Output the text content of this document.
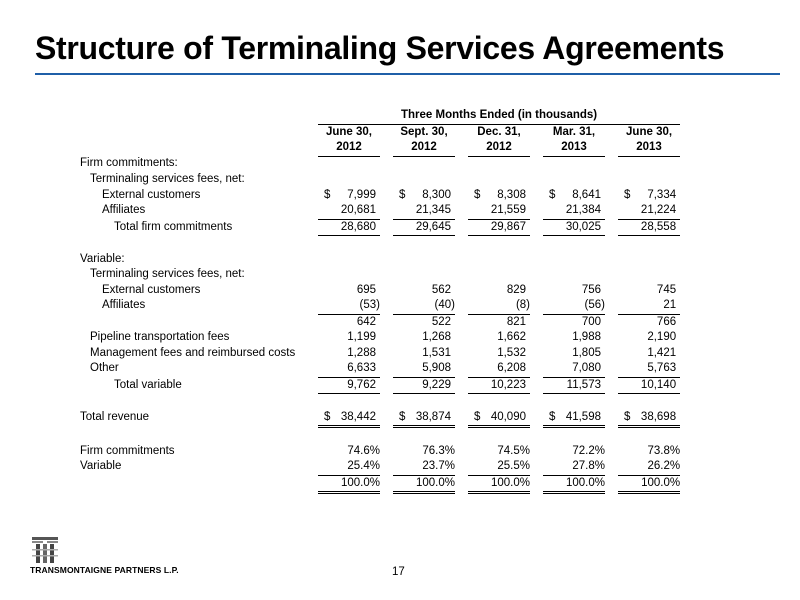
Structure of Terminaling Services Agreements
	Three Months Ended (in thousands)								
	June 30,		Sept. 30,		Dec. 31,		Mar. 31,		June 30,
	2012		2012		2012		2013		2013
Firm commitments:									
Terminaling services fees, net:									
External customers	$ 7,999		$ 8,300		$ 8,308		$ 8,641		$ 7,334
Affiliates	20,681		21,345		21,559		21,384		21,224
Total firm commitments	28,680		29,645		29,867		30,025		28,558

Variable:									
Terminaling services fees, net:									
External customers	695		562		829		756		745
Affiliates	(53)		(40)		(8)		(56)		21
	642		522		821		700		766
Pipeline transportation fees	1,199		1,268		1,662		1,988		2,190
Management fees and reimbursed costs	1,288		1,531		1,532		1,805		1,421
Other	6,633		5,908		6,208		7,080		5,763
Total variable	9,762		9,229		10,223		11,573		10,140

Total revenue	$ 38,442		$ 38,874		$ 40,090		$ 41,598		$ 38,698

Firm commitments	74.6%		76.3%		74.5%		72.2%		73.8%
Variable	25.4%		23.7%		25.5%		27.8%		26.2%
	100.0%		100.0%		100.0%		100.0%		100.0%
TRANSMONTAIGNE PARTNERS L.P.	17
